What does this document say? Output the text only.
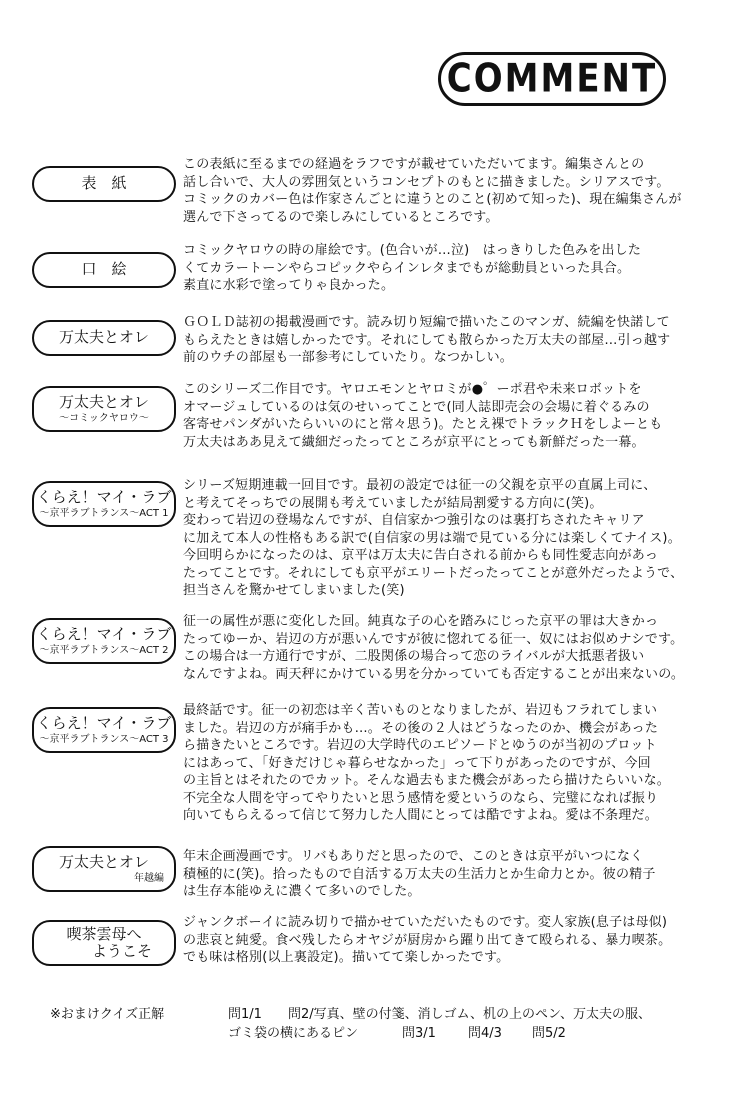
COMMENT
表　紙

この表紙に至るまでの経過をラフですが載せていただいてます。編集さんとの
話し合いで、大人の雰囲気というコンセプトのもとに描きました。シリアスです。
コミックのカバー色は作家さんごとに違うとのこと(初めて知った)、現在編集さんが
選んで下さってるので楽しみにしているところです。

口　絵

コミックヤロウの時の扉絵です。(色合いが…泣)　はっきりした色みを出した
くてカラートーンやらコピックやらインレタまでもが総動員といった具合。
素直に水彩で塗ってりゃ良かった。

万太夫とオレ

ＧＯＬＤ誌初の掲載漫画です。読み切り短編で描いたこのマンガ、続編を快諾して
もらえたときは嬉しかったです。それにしても散らかった万太夫の部屋…引っ越す
前のウチの部屋も一部参考にしていたり。なつかしい。

万太夫とオレ
～コミックヤロウ～

このシリーズ二作目です。ヤロエモンとヤロミが●゜ーポ君や未来ロボットを
オマージュしているのは気のせいってことで(同人誌即売会の会場に着ぐるみの
客寄せパンダがいたらいいのにと常々思う)。たとえ裸でトラックＨをしよーとも
万太夫はああ見えて繊細だったってところが京平にとっても新鮮だった一幕。

くらえ！マイ・ラブ
～京平ラブトランス～ACT 1

シリーズ短期連載一回目です。最初の設定では征一の父親を京平の直属上司に、
と考えてそっちでの展開も考えていましたが結局割愛する方向に(笑)。
変わって岩辺の登場なんですが、自信家かつ強引なのは裏打ちされたキャリア
に加えて本人の性格もある訳で(自信家の男は端で見ている分には楽しくてナイス)。
今回明らかになったのは、京平は万太夫に告白される前からも同性愛志向があっ
たってことです。それにしても京平がエリートだったってことが意外だったようで、
担当さんを驚かせてしまいました(笑)

くらえ！マイ・ラブ
～京平ラブトランス～ACT 2

征一の属性が悪に変化した回。純真な子の心を踏みにじった京平の罪は大きかっ
たってゆーか、岩辺の方が悪いんですが彼に惚れてる征一、奴にはお似めナシです。
この場合は一方通行ですが、二股関係の場合って恋のライバルが大抵悪者扱い
なんですよね。両天秤にかけている男を分かっていても否定することが出来ないの。

くらえ！マイ・ラブ
～京平ラブトランス～ACT 3

最終話です。征一の初恋は辛く苦いものとなりましたが、岩辺もフラれてしまい
ました。岩辺の方が痛手かも…。その後の２人はどうなったのか、機会があった
ら描きたいところです。岩辺の大学時代のエピソードとゆうのが当初のプロット
にはあって、「好きだけじゃ暮らせなかった」って下りがあったのですが、今回
の主旨とはそれたのでカット。そんな過去もまた機会があったら描けたらいいな。
不完全な人間を守ってやりたいと思う感情を愛というのなら、完璧になれば振り
向いてもらえるって信じて努力した人間にとっては酷ですよね。愛は不条理だ。

万太夫とオレ
年越編

年末企画漫画です。リバもありだと思ったので、このときは京平がいつになく
積極的に(笑)。拾ったもので自活する万太夫の生活力とか生命力とか。彼の精子
は生存本能ゆえに濃くて多いのでした。

喫茶雲母へ
ようこそ

ジャンクボーイに読み切りで描かせていただいたものです。変人家族(息子は母似)
の悲哀と純愛。食べ残したらオヤジが厨房から躍り出てきて殴られる、暴力喫茶。
でも味は格別(以上裏設定)。描いてて楽しかったです。

※おまけクイズ正解	問1/1 問2/写真、壁の付箋、消しゴム、机の上のペン、万太夫の服、
ゴミ袋の横にあるピン	問3/1 問4/3 問5/2
